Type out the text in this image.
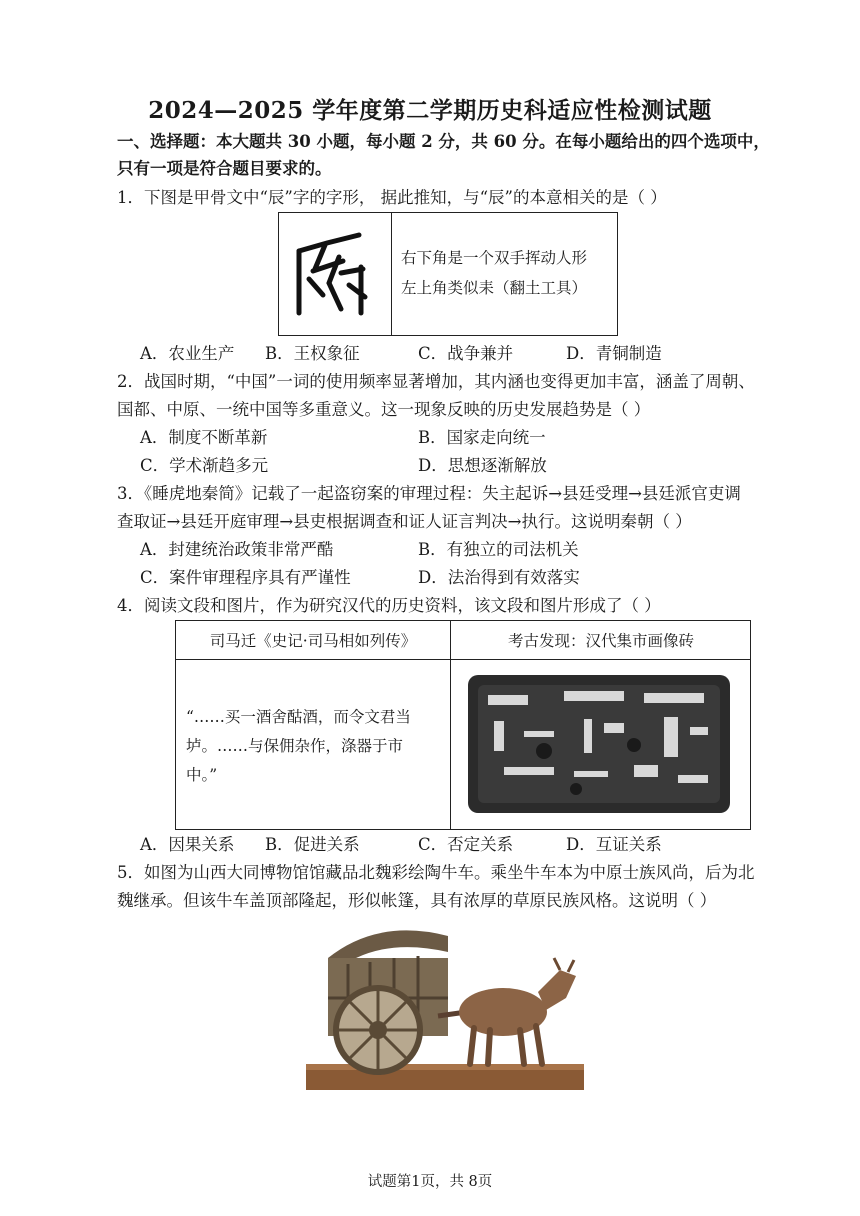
2024—2025 学年度第二学期历史科适应性检测试题
一、选择题：本大题共 30 小题，每小题 2 分，共 60 分。在每小题给出的四个选项中，
只有一项是符合题目要求的。
1．下图是甲骨文中“辰”字的字形， 据此推知，与“辰”的本意相关的是（ ）
右下角是一个双手挥动人形
左上角类似耒（翻土工具）
A．农业生产 B．王权象征	C．战争兼并	D．青铜制造
2．战国时期，“中国”一词的使用频率显著增加，其内涵也变得更加丰富，涵盖了周朝、
国都、中原、一统中国等多重意义。这一现象反映的历史发展趋势是（ ）
A．制度不断革新	B．国家走向统一
C．学术渐趋多元	D．思想逐渐解放
3．《睡虎地秦简》记载了一起盗窃案的审理过程：失主起诉→县廷受理→县廷派官吏调
查取证→县廷开庭审理→县吏根据调查和证人证言判决→执行。这说明秦朝（ ）
A．封建统治政策非常严酷	B．有独立的司法机关
C．案件审理程序具有严谨性	D．法治得到有效落实
4．阅读文段和图片，作为研究汉代的历史资料，该文段和图片形成了（ ）
司马迁《史记·司马相如列传》	考古发现：汉代集市画像砖
“……买一酒舍酤酒，而令文君当
垆。……与保佣杂作，涤器于市
中。”
A．因果关系 B．促进关系	C．否定关系	D．互证关系
5．如图为山西大同博物馆馆藏品北魏彩绘陶牛车。乘坐牛车本为中原士族风尚，后为北
魏继承。但该牛车盖顶部隆起，形似帐篷，具有浓厚的草原民族风格。这说明（ ）
试题第1页，共 8页
